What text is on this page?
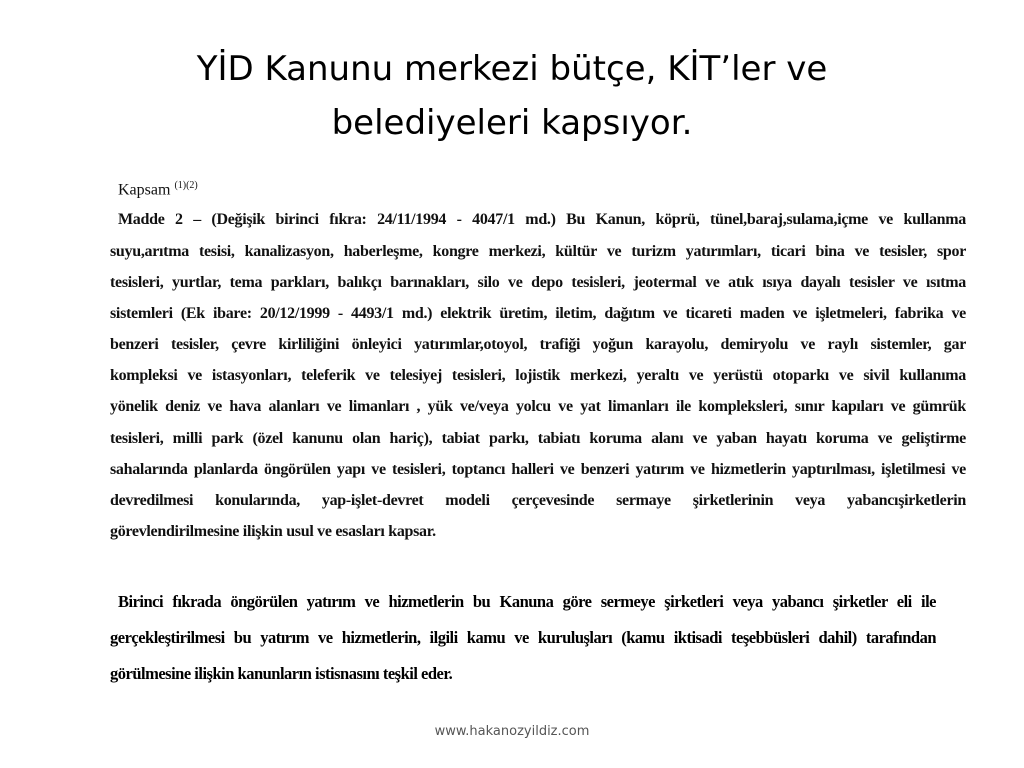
YİD Kanunu merkezi bütçe, KİT’ler ve
belediyeleri kapsıyor.
Kapsam $^{(1)(2)}$
Madde 2 – (Değişik birinci fıkra: 24/11/1994 - 4047/1 md.) Bu Kanun, köprü, tünel,baraj,sulama,içme ve kullanma
suyu,arıtma tesisi, kanalizasyon, haberleşme, kongre merkezi, kültür ve turizm yatırımları, ticari bina ve tesisler, spor
tesisleri, yurtlar, tema parkları, balıkçı barınakları, silo ve depo tesisleri, jeotermal ve atık ısıya dayalı tesisler ve ısıtma
sistemleri (Ek ibare: 20/12/1999 - 4493/1 md.) elektrik üretim, iletim, dağıtım ve ticareti maden ve işletmeleri, fabrika ve
benzeri tesisler, çevre kirliliğini önleyici yatırımlar,otoyol, trafiği yoğun karayolu, demiryolu ve raylı sistemler, gar
kompleksi ve istasyonları, teleferik ve telesiyej tesisleri, lojistik merkezi, yeraltı ve yerüstü otoparkı ve sivil kullanıma
yönelik deniz ve hava alanları ve limanları , yük ve/veya yolcu ve yat limanları ile kompleksleri, sınır kapıları ve gümrük
tesisleri, milli park (özel kanunu olan hariç), tabiat parkı, tabiatı koruma alanı ve yaban hayatı koruma ve geliştirme
sahalarında planlarda öngörülen yapı ve tesisleri, toptancı halleri ve benzeri yatırım ve hizmetlerin yaptırılması, işletilmesi ve
devredilmesi konularında, yap-işlet-devret modeli çerçevesinde sermaye şirketlerinin veya yabancışirketlerin
görevlendirilmesine ilişkin usul ve esasları kapsar.
Birinci fıkrada öngörülen yatırım ve hizmetlerin bu Kanuna göre sermeye şirketleri veya yabancı şirketler eli ile
gerçekleştirilmesi bu yatırım ve hizmetlerin, ilgili kamu ve kuruluşları (kamu iktisadi teşebbüsleri dahil) tarafından
görülmesine ilişkin kanunların istisnasını teşkil eder.
www.hakanozyildiz.com
